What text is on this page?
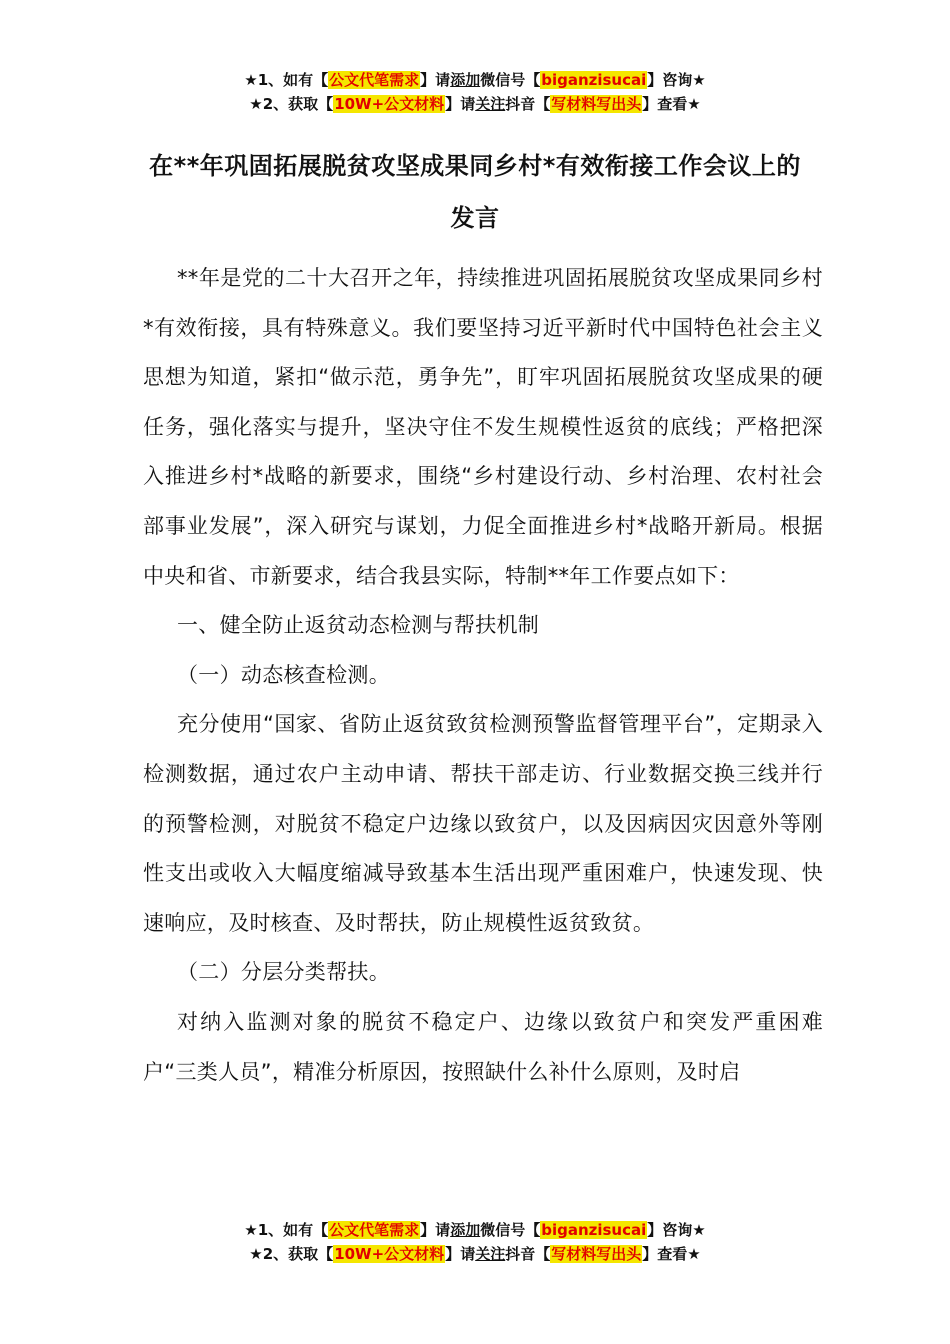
★1、如有【公文代笔需求】请添加微信号【biganzisucai】咨询★
★2、获取【10W+公文材料】请关注抖音【写材料写出头】查看★
在**年巩固拓展脱贫攻坚成果同乡村*有效衔接工作会议上的发言

**年是党的二十大召开之年，持续推进巩固拓展脱贫攻坚成果同乡村*有效衔接，具有特殊意义。我们要坚持习近平新时代中国特色社会主义思想为知道，紧扣“做示范，勇争先”，盯牢巩固拓展脱贫攻坚成果的硬任务，强化落实与提升，坚决守住不发生规模性返贫的底线；严格把深入推进乡村*战略的新要求，围绕“乡村建设行动、乡村治理、农村社会部事业发展”，深入研究与谋划，力促全面推进乡村*战略开新局。根据中央和省、市新要求，结合我县实际，特制**年工作要点如下：

一、健全防止返贫动态检测与帮扶机制

（一）动态核查检测。

充分使用“国家、省防止返贫致贫检测预警监督管理平台”，定期录入检测数据，通过农户主动申请、帮扶干部走访、行业数据交换三线并行的预警检测，对脱贫不稳定户边缘以致贫户，以及因病因灾因意外等刚性支出或收入大幅度缩减导致基本生活出现严重困难户，快速发现、快速响应，及时核查、及时帮扶，防止规模性返贫致贫。

（二）分层分类帮扶。

对纳入监测对象的脱贫不稳定户、边缘以致贫户和突发严重困难户“三类人员”，精准分析原因，按照缺什么补什么原则，及时启

★1、如有【公文代笔需求】请添加微信号【biganzisucai】咨询★
★2、获取【10W+公文材料】请关注抖音【写材料写出头】查看★
